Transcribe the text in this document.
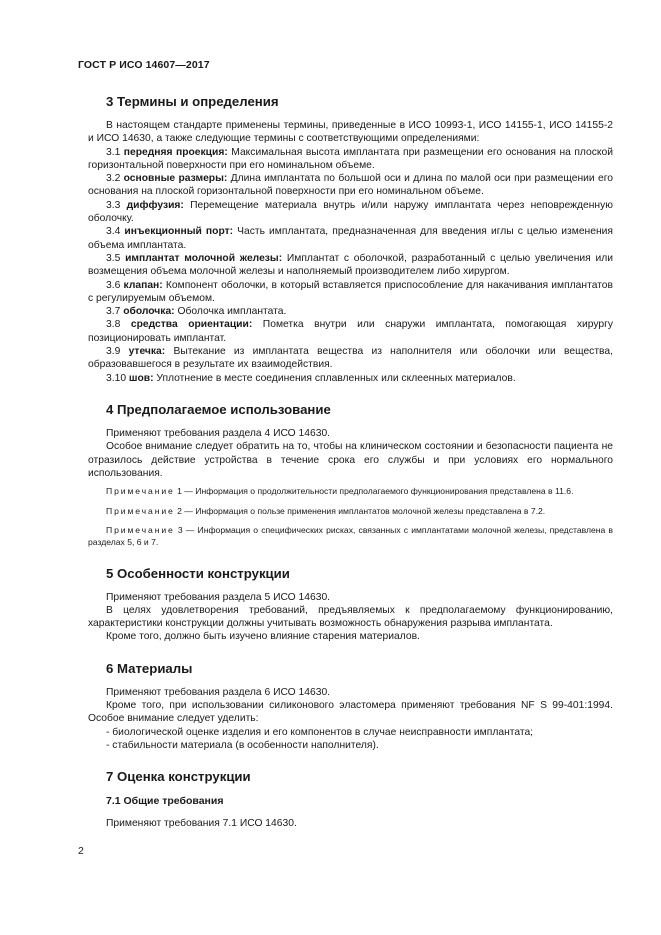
ГОСТ Р ИСО 14607—2017
3 Термины и определения

В настоящем стандарте применены термины, приведенные в ИСО 10993-1, ИСО 14155-1, ИСО 14155-2 и ИСО 14630, а также следующие термины с соответствующими определениями:

3.1 передняя проекция: Максимальная высота имплантата при размещении его основания на плоской горизонтальной поверхности при его номинальном объеме.

3.2 основные размеры: Длина имплантата по большой оси и длина по малой оси при размещении его основания на плоской горизонтальной поверхности при его номинальном объеме.

3.3 диффузия: Перемещение материала внутрь и/или наружу имплантата через неповрежденную оболочку.

3.4 инъекционный порт: Часть имплантата, предназначенная для введения иглы с целью изменения объема имплантата.

3.5 имплантат молочной железы: Имплантат с оболочкой, разработанный с целью увеличения или возмещения объема молочной железы и наполняемый производителем либо хирургом.

3.6 клапан: Компонент оболочки, в который вставляется приспособление для накачивания имплантатов с регулируемым объемом.

3.7 оболочка: Оболочка имплантата.

3.8 средства ориентации: Пометка внутри или снаружи имплантата, помогающая хирургу позиционировать имплантат.

3.9 утечка: Вытекание из имплантата вещества из наполнителя или оболочки или вещества, образовавшегося в результате их взаимодействия.

3.10 шов: Уплотнение в месте соединения сплавленных или склеенных материалов.

4 Предполагаемое использование

Применяют требования раздела 4 ИСО 14630.

Особое внимание следует обратить на то, чтобы на клиническом состоянии и безопасности пациента не отразилось действие устройства в течение срока его службы и при условиях его нормального использования.

Примечание 1 — Информация о продолжительности предполагаемого функционирования представлена в 11.6.

Примечание 2 — Информация о пользе применения имплантатов молочной железы представлена в 7.2.

Примечание 3 — Информация о специфических рисках, связанных с имплантатами молочной железы, представлена в разделах 5, 6 и 7.

5 Особенности конструкции

Применяют требования раздела 5 ИСО 14630.

В целях удовлетворения требований, предъявляемых к предполагаемому функционированию, характеристики конструкции должны учитывать возможность обнаружения разрыва имплантата.

Кроме того, должно быть изучено влияние старения материалов.

6 Материалы

Применяют требования раздела 6 ИСО 14630.

Кроме того, при использовании силиконового эластомера применяют требования NF S 99-401:1994. Особое внимание следует уделить:

- биологической оценке изделия и его компонентов в случае неисправности имплантата;

- стабильности материала (в особенности наполнителя).

7 Оценка конструкции
7.1 Общие требования

Применяют требования 7.1 ИСО 14630.

2
